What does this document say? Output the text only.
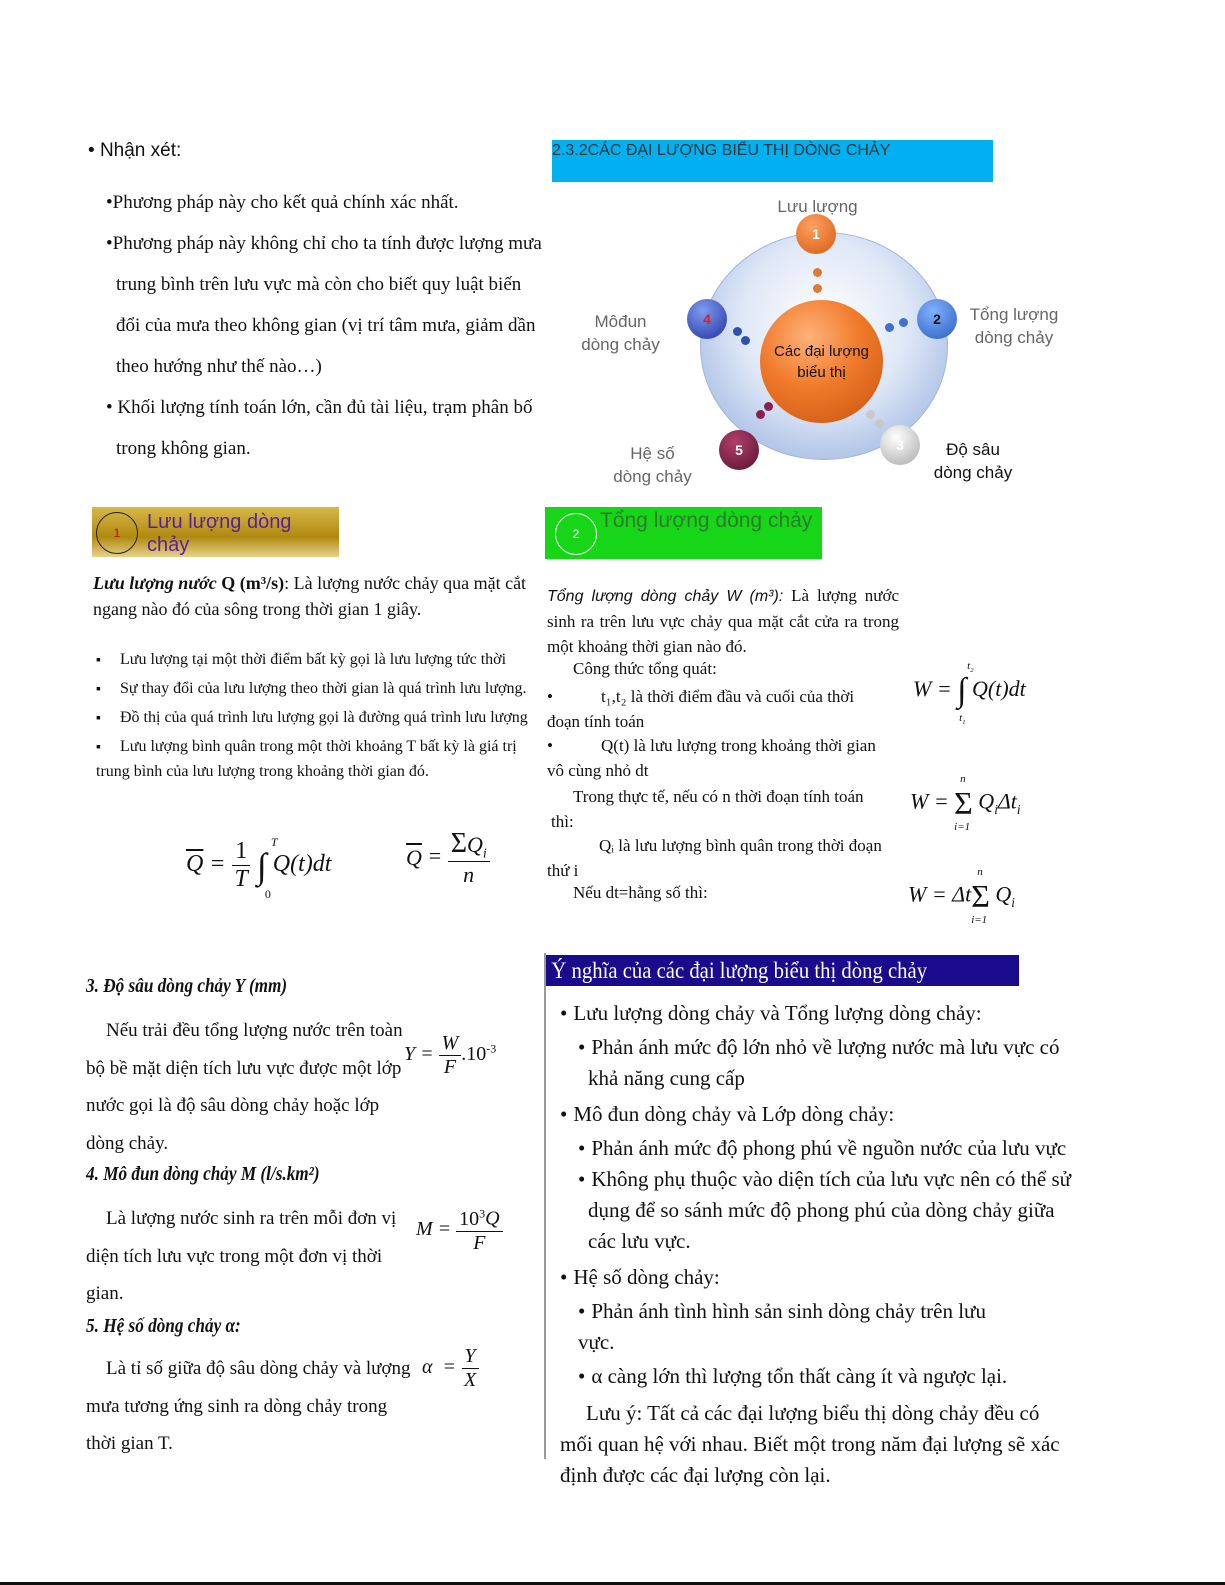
• Nhận xét:
•Phương pháp này cho kết quả chính xác nhất.
•Phương pháp này không chỉ cho ta tính được lượng mưa
trung bình trên lưu vực mà còn cho biết quy luật biến
đổi của mưa theo không gian (vị trí tâm mưa, giảm dần
theo hướng như thế nào…)
• Khối lượng tính toán lớn, cần đủ tài liệu, trạm phân bố
trong không gian.
2.3.2CÁC ĐẠI LƯỢNG BIỂU THỊ DÒNG CHẢY
Các đại lượng
biểu thị
1
2
3
4
5
Lưu lượng
Tổng lượng
dòng chảy
Độ sâu
dòng chảy
Môđun
dòng chảy
Hệ số
dòng chảy
1 Lưu lượng dòng chảy
Lưu lượng nước Q (m³/s): Là lượng nước chảy qua mặt cắt
ngang nào đó của sông trong thời gian 1 giây.
▪ Lưu lượng tại một thời điểm bất kỳ gọi là lưu lượng tức thời
▪ Sự thay đổi của lưu lượng theo thời gian là quá trình lưu lượng.
▪ Đồ thị của quá trình lưu lượng gọi là đường quá trình lưu lượng
▪ Lưu lượng bình quân trong một thời khoảng T bất kỳ là giá trị
trung bình của lưu lượng trong khoảng thời gian đó.
$\overline{Q} = \frac{1}{T}$ ∫
T
0
Q(t)dt	$\overline{Q} = \frac{\Sigma Q_i}{n}$
2
Tổng lượng dòng chảy
Tổng lượng dòng chảy W (m³): Là lượng nước sinh ra trên lưu vực chảy qua mặt cắt cửa ra trong một khoảng thời gian nào đó.
Công thức tổng quát:
•	t₁,t₂ là thời điểm đầu và cuối của thời
đoạn tính toán
•	Q(t) là lưu lượng trong khoảng thời gian
vô cùng nhỏ dt
Trong thực tế, nếu có n thời đoạn tính toán
thì:
Qᵢ là lưu lượng bình quân trong thời đoạn
thứ i
Nếu dt=hằng số thì:
W = ∫
$t_2$
$t_1$
Q(t)dt
W = Σ
n
i=1
$Q_i\Delta t_i$
W = ΔtΣ
n
i=1
$Q_i$
3. Độ sâu dòng chảy Y (mm)
Nếu trải đều tổng lượng nước trên toàn
bộ bề mặt diện tích lưu vực được một lớp
nước gọi là độ sâu dòng chảy hoặc lớp
dòng chảy.
4. Mô đun dòng chảy M (l/s.km²)
Là lượng nước sinh ra trên mỗi đơn vị
diện tích lưu vực trong một đơn vị thời
gian.
5. Hệ số dòng chảy α:
Là tỉ số giữa độ sâu dòng chảy và lượng
mưa tương ứng sinh ra dòng chảy trong
thời gian T.
$Y = \frac{W}{F} .10^{-3}$
$M = \frac{10^3Q}{F}$
$\alpha = \frac{Y}{X}$
Ý nghĩa của các đại lượng biểu thị dòng chảy
• Lưu lượng dòng chảy và Tổng lượng dòng chảy:
• Phản ánh mức độ lớn nhỏ về lượng nước mà lưu vực có
khả năng cung cấp
• Mô đun dòng chảy và Lớp dòng chảy:
• Phản ánh mức độ phong phú về nguồn nước của lưu vực
• Không phụ thuộc vào diện tích của lưu vực nên có thể sử
dụng để so sánh mức độ phong phú của dòng chảy giữa
các lưu vực.
• Hệ số dòng chảy:
• Phản ánh tình hình sản sinh dòng chảy trên lưu vực.
• α càng lớn thì lượng tổn thất càng ít và ngược lại.
Lưu ý: Tất cả các đại lượng biểu thị dòng chảy đều có
mối quan hệ với nhau. Biết một trong năm đại lượng sẽ xác
định được các đại lượng còn lại.
